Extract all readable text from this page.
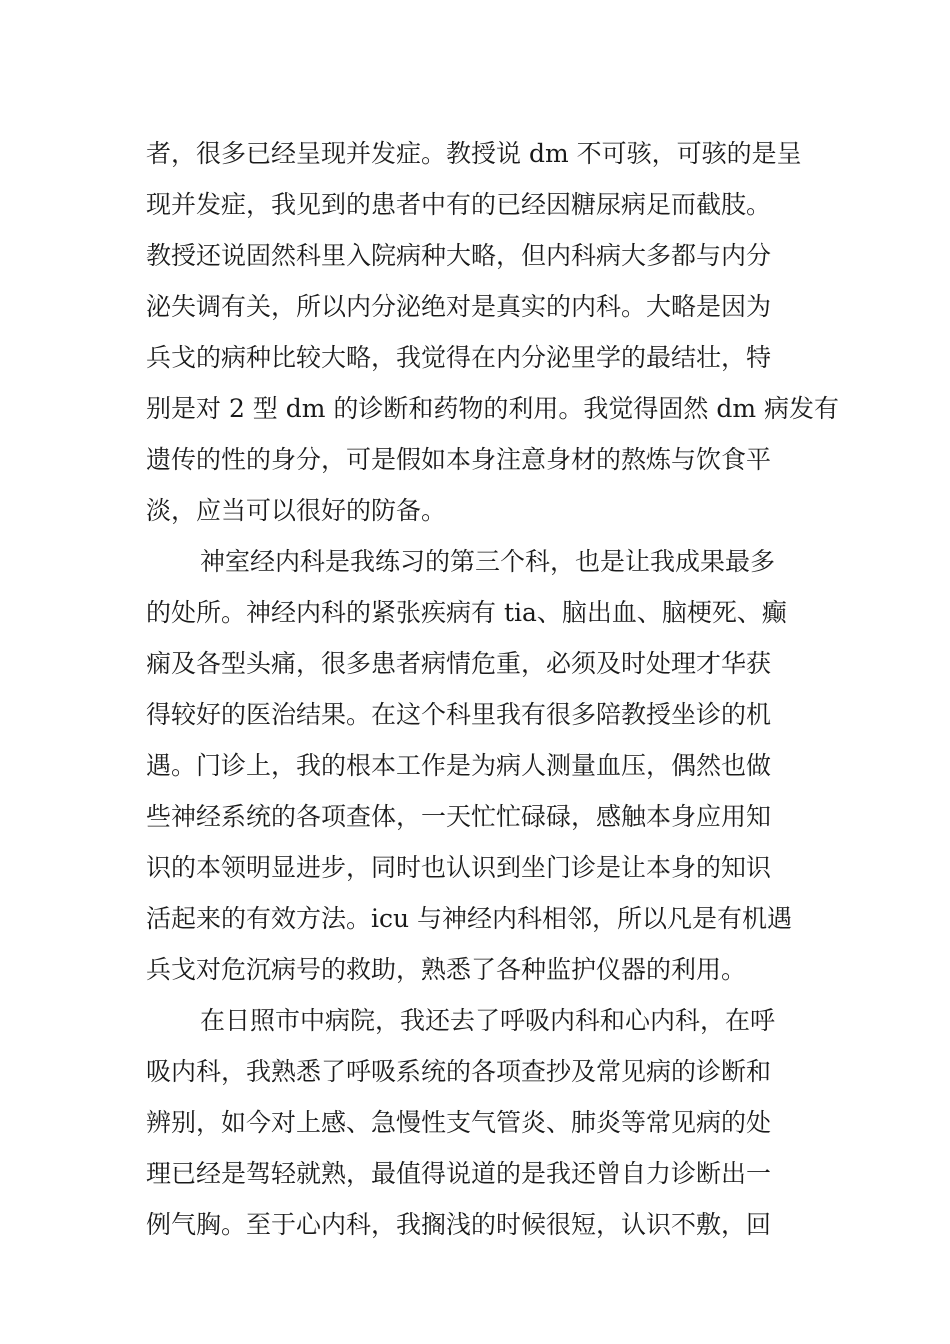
者，很多已经呈现并发症。教授说 dm 不可骇，可骇的是呈
现并发症，我见到的患者中有的已经因糖尿病足而截肢。
教授还说固然科里入院病种大略，但内科病大多都与内分
泌失调有关，所以内分泌绝对是真实的内科。大略是因为
兵戈的病种比较大略，我觉得在内分泌里学的最结壮，特
别是对 2 型 dm 的诊断和药物的利用。我觉得固然 dm 病发有
遗传的性的身分，可是假如本身注意身材的熬炼与饮食平
淡，应当可以很好的防备。
神室经内科是我练习的第三个科，也是让我成果最多
的处所。神经内科的紧张疾病有 tia、脑出血、脑梗死、癫
痫及各型头痛，很多患者病情危重，必须及时处理才华获
得较好的医治结果。在这个科里我有很多陪教授坐诊的机
遇。门诊上，我的根本工作是为病人测量血压，偶然也做
些神经系统的各项查体，一天忙忙碌碌，感触本身应用知
识的本领明显进步，同时也认识到坐门诊是让本身的知识
活起来的有效方法。icu 与神经内科相邻，所以凡是有机遇
兵戈对危沉病号的救助，熟悉了各种监护仪器的利用。
在日照市中病院，我还去了呼吸内科和心内科，在呼
吸内科，我熟悉了呼吸系统的各项查抄及常见病的诊断和
辨别，如今对上感、急慢性支气管炎、肺炎等常见病的处
理已经是驾轻就熟，最值得说道的是我还曾自力诊断出一
例气胸。至于心内科，我搁浅的时候很短，认识不敷，回
